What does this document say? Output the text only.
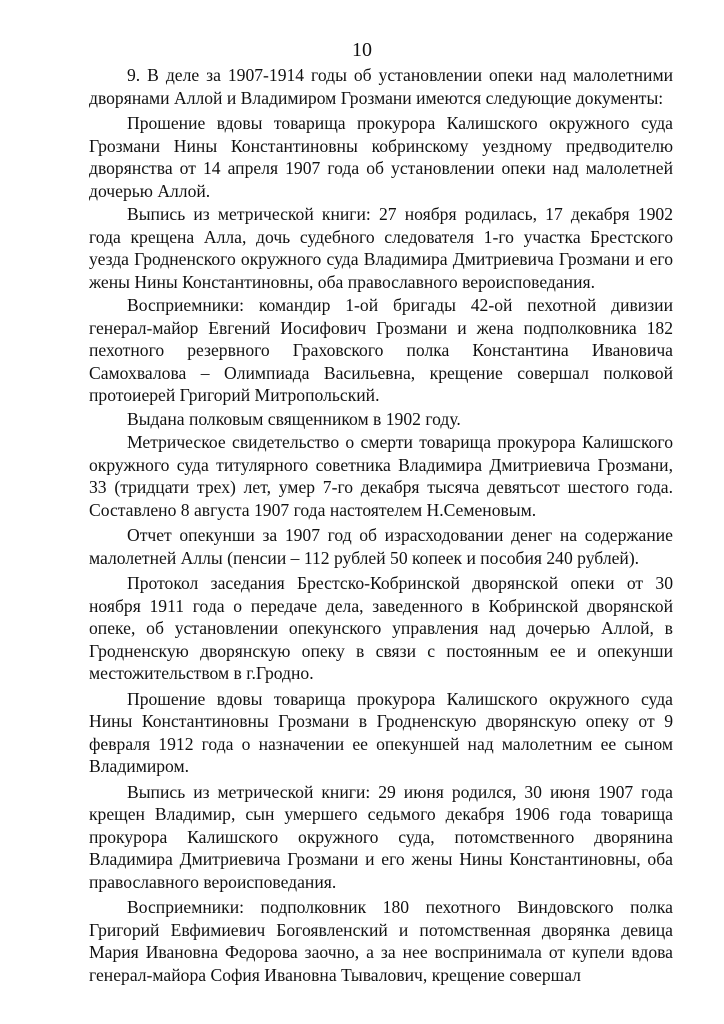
10

9. В деле за 1907-1914 годы об установлении опеки над малолетними дворянами Аллой и Владимиром Грозмани имеются следующие документы:

Прошение вдовы товарища прокурора Калишского окружного суда Грозмани Нины Константиновны кобринскому уездному предводителю дворянства от 14 апреля 1907 года об установлении опеки над малолетней дочерью Аллой.

Выпись из метрической книги: 27 ноября родилась, 17 декабря 1902 года крещена Алла, дочь судебного следователя 1-го участка Брестского уезда Гродненского окружного суда Владимира Дмитриевича Грозмани и его жены Нины Константиновны, оба православного вероисповедания.

Восприемники: командир 1-ой бригады 42-ой пехотной дивизии генерал-майор Евгений Иосифович Грозмани и жена подполковника 182 пехотного резервного Граховского полка Константина Ивановича Самохвалова – Олимпиада Васильевна, крещение совершал полковой протоиерей Григорий Митропольский.

Выдана полковым священником в 1902 году.

Метрическое свидетельство о смерти товарища прокурора Калишского окружного суда титулярного советника Владимира Дмитриевича Грозмани, 33 (тридцати трех) лет, умер 7-го декабря тысяча девятьсот шестого года. Составлено 8 августа 1907 года настоятелем Н.Семеновым.

Отчет опекунши за 1907 год об израсходовании денег на содержание малолетней Аллы (пенсии – 112 рублей 50 копеек и пособия 240 рублей).

Протокол заседания Брестско-Кобринской дворянской опеки от 30 ноября 1911 года о передаче дела, заведенного в Кобринской дворянской опеке, об установлении опекунского управления над дочерью Аллой, в Гродненскую дворянскую опеку в связи с постоянным ее и опекунши местожительством в г.Гродно.

Прошение вдовы товарища прокурора Калишского окружного суда Нины Константиновны Грозмани в Гродненскую дворянскую опеку от 9 февраля 1912 года о назначении ее опекуншей над малолетним ее сыном Владимиром.

Выпись из метрической книги: 29 июня родился, 30 июня 1907 года крещен Владимир, сын умершего седьмого декабря 1906 года товарища прокурора Калишского окружного суда, потомственного дворянина Владимира Дмитриевича Грозмани и его жены Нины Константиновны, оба православного вероисповедания.

Восприемники: подполковник 180 пехотного Виндовского полка Григорий Евфимиевич Богоявленский и потомственная дворянка девица Мария Ивановна Федорова заочно, а за нее воспринимала от купели вдова генерал-майора София Ивановна Тывалович, крещение совершал
